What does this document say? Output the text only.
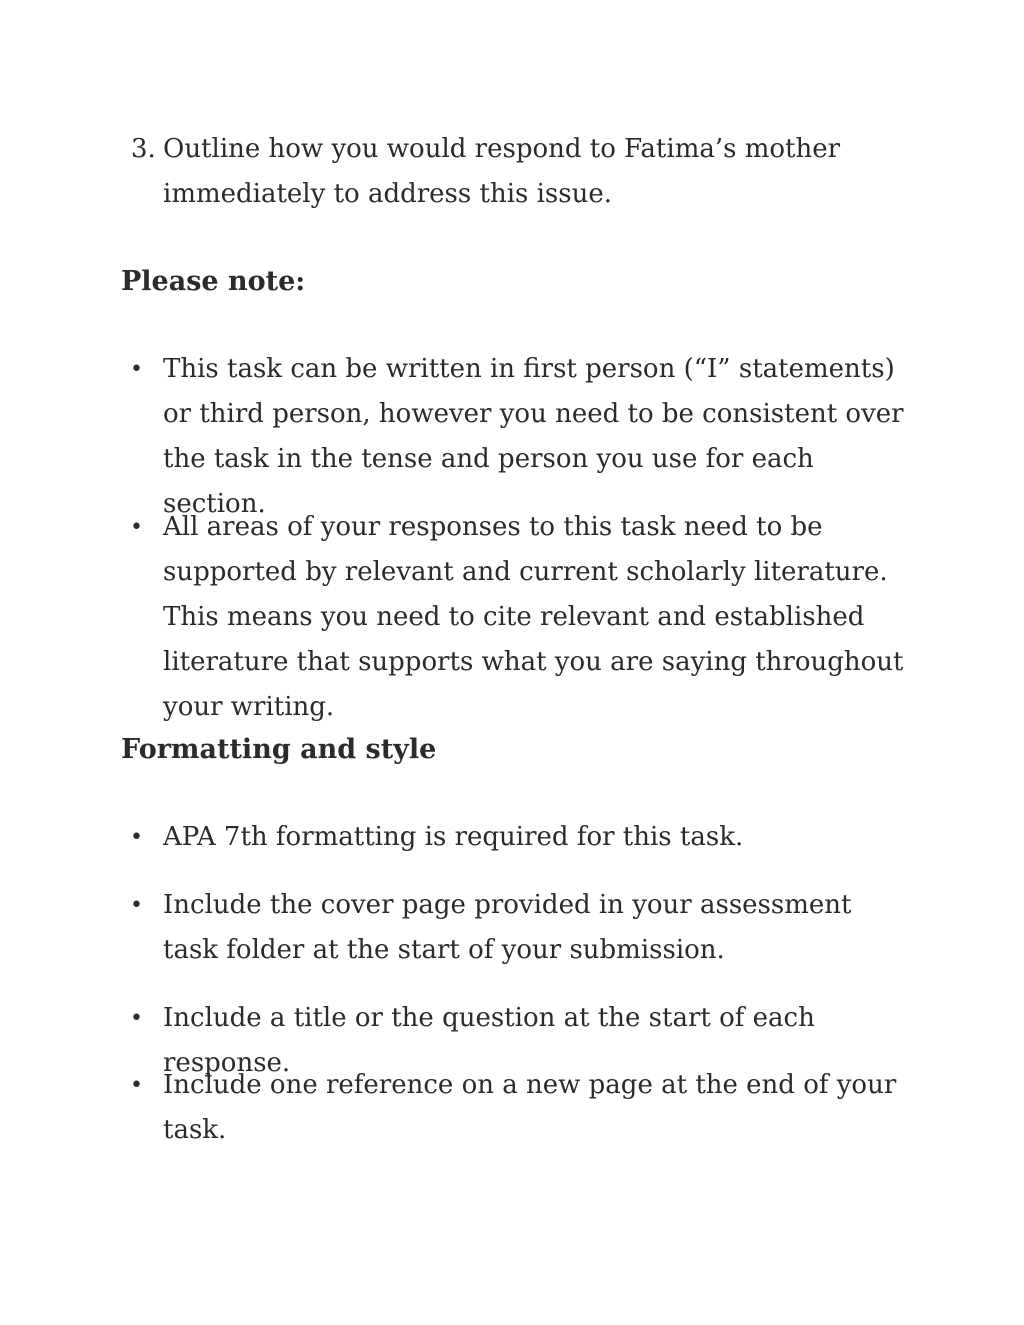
3. Outline how you would respond to Fatima’s mother immediately to address this issue.

Please note:
• This task can be written in first person (“I” statements) or third person, however you need to be consistent over the task in the tense and person you use for each section.

• All areas of your responses to this task need to be supported by relevant and current scholarly literature. This means you need to cite relevant and established literature that supports what you are saying throughout your writing.

Formatting and style
• APA 7th formatting is required for this task.

• Include the cover page provided in your assessment task folder at the start of your submission.

• Include a title or the question at the start of each response.

• Include one reference on a new page at the end of your task.
